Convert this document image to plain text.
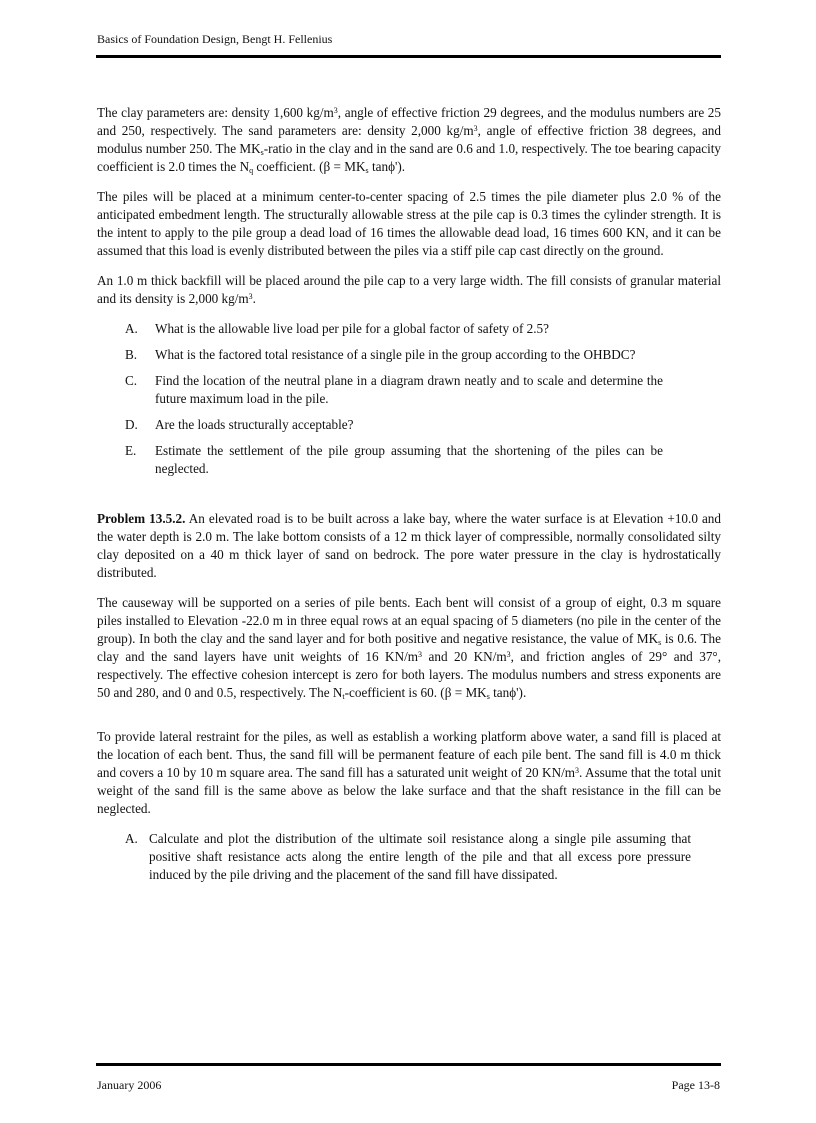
Basics of Foundation Design, Bengt H. Fellenius

The clay parameters are: density 1,600 $kg/m^3$, angle of effective friction 29 degrees, and the modulus numbers are 25 and 250, respectively. The sand parameters are: density 2,000 $kg/m^3$, angle of effective friction 38 degrees, and modulus number 250. The $MK_s$-ratio in the clay and in the sand are 0.6 and 1.0, respectively. The toe bearing capacity coefficient is 2.0 times the $N_q$ coefficient. ($\beta = MK_s$ tanϕ').

The piles will be placed at a minimum center-to-center spacing of 2.5 times the pile diameter plus 2.0 % of the anticipated embedment length. The structurally allowable stress at the pile cap is 0.3 times the cylinder strength. It is the intent to apply to the pile group a dead load of 16 times the allowable dead load, 16 times 600 KN, and it can be assumed that this load is evenly distributed between the piles via a stiff pile cap cast directly on the ground.

An 1.0 m thick backfill will be placed around the pile cap to a very large width. The fill consists of granular material and its density is 2,000 $kg/m^3$.

A. What is the allowable live load per pile for a global factor of safety of 2.5?
B. What is the factored total resistance of a single pile in the group according to the OHBDC?
C. Find the location of the neutral plane in a diagram drawn neatly and to scale and determine the future maximum load in the pile.
D. Are the loads structurally acceptable?
E. Estimate the settlement of the pile group assuming that the shortening of the piles can be neglected.

Problem 13.5.2. An elevated road is to be built across a lake bay, where the water surface is at Elevation +10.0 and the water depth is 2.0 m. The lake bottom consists of a 12 m thick layer of compressible, normally consolidated silty clay deposited on a 40 m thick layer of sand on bedrock. The pore water pressure in the clay is hydrostatically distributed.

The causeway will be supported on a series of pile bents. Each bent will consist of a group of eight, 0.3 m square piles installed to Elevation -22.0 m in three equal rows at an equal spacing of 5 diameters (no pile in the center of the group). In both the clay and the sand layer and for both positive and negative resistance, the value of $MK_s$ is 0.6. The clay and the sand layers have unit weights of 16 $KN/m^3$ and 20 $KN/m^3$, and friction angles of 29° and 37°, respectively. The effective cohesion intercept is zero for both layers. The modulus numbers and stress exponents are 50 and 280, and 0 and 0.5, respectively. The $N_t$-coefficient is 60. ($\beta = MK_s$ tanϕ').

To provide lateral restraint for the piles, as well as establish a working platform above water, a sand fill is placed at the location of each bent. Thus, the sand fill will be permanent feature of each pile bent. The sand fill is 4.0 m thick and covers a 10 by 10 m square area. The sand fill has a saturated unit weight of 20 $KN/m^3$. Assume that the total unit weight of the sand fill is the same above as below the lake surface and that the shaft resistance in the fill can be neglected.

A. Calculate and plot the distribution of the ultimate soil resistance along a single pile assuming that positive shaft resistance acts along the entire length of the pile and that all excess pore pressure induced by the pile driving and the placement of the sand fill have dissipated.
January 2006	Page 13-8
